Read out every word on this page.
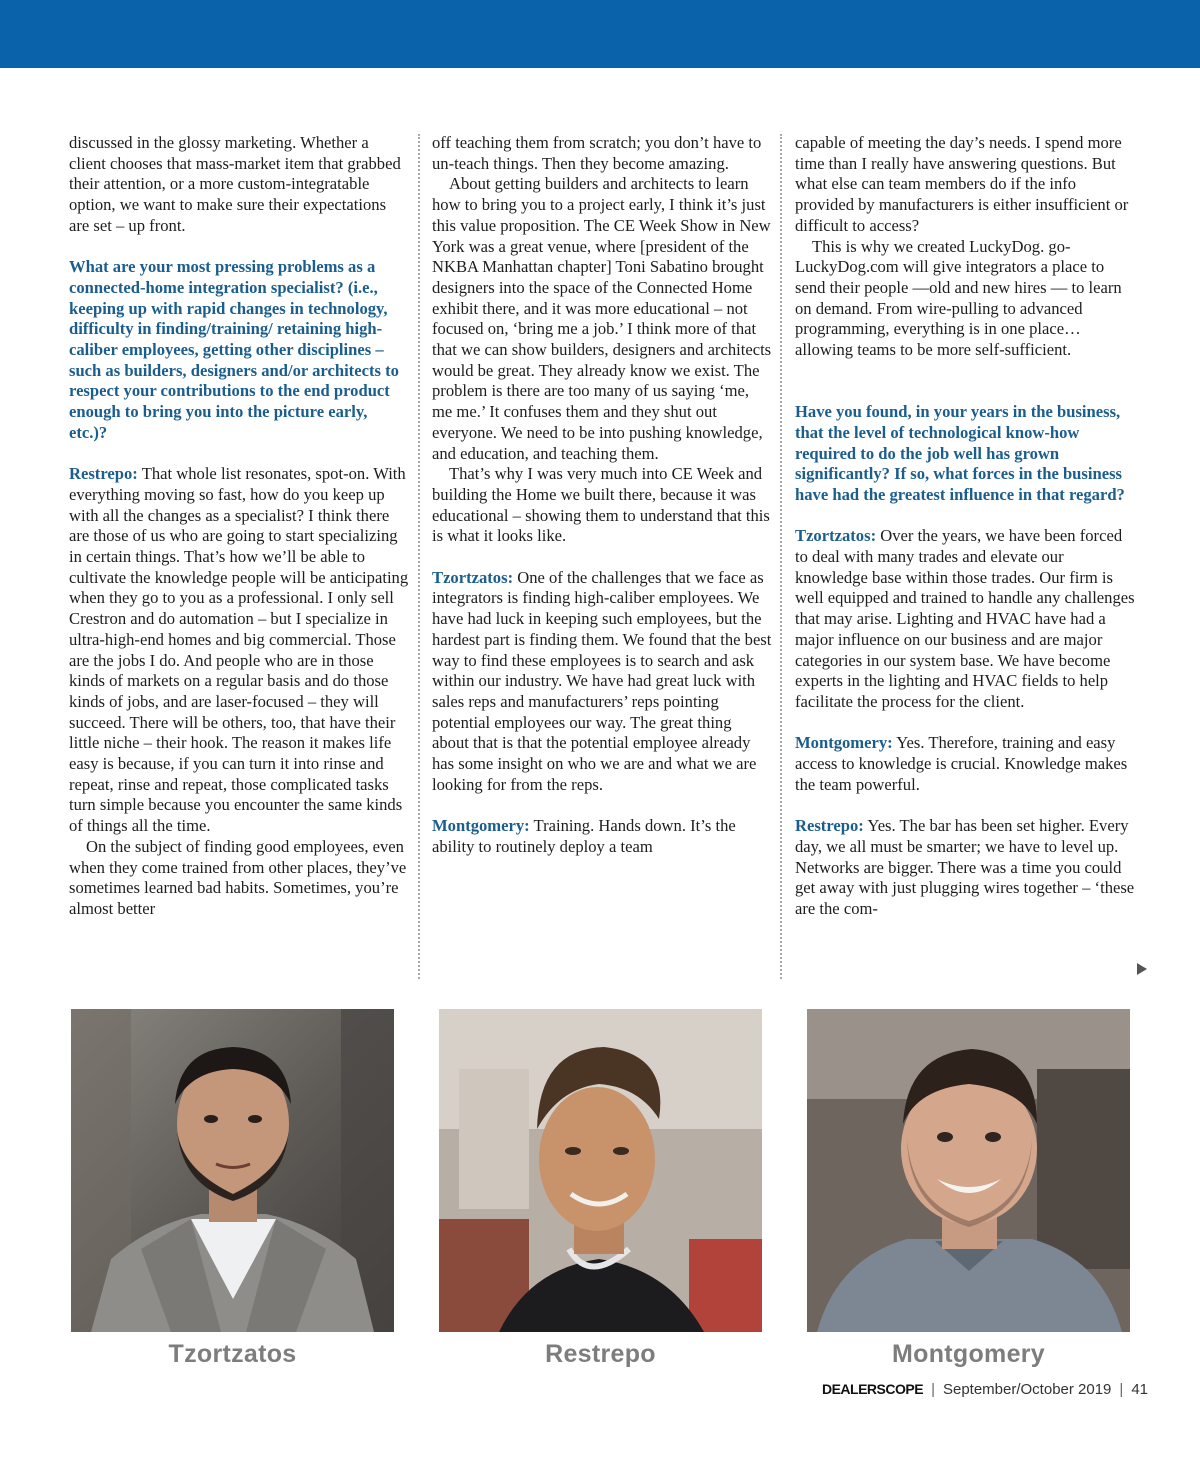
discussed in the glossy marketing. Whether a client chooses that mass-market item that grabbed their attention, or a more custom-integratable option, we want to make sure their expectations are set – up front.

What are your most pressing problems as a connected-home integration specialist? (i.e., keeping up with rapid changes in technology, difficulty in finding/training/ retaining high-caliber employees, getting other disciplines – such as builders, designers and/or architects to respect your contributions to the end product enough to bring you into the picture early, etc.)?

Restrepo: That whole list resonates, spot-on. With everything moving so fast, how do you keep up with all the changes as a specialist? I think there are those of us who are going to start specializing in certain things. That’s how we’ll be able to cultivate the knowledge people will be anticipating when they go to you as a professional. I only sell Crestron and do automation – but I specialize in ultra-high-end homes and big commercial. Those are the jobs I do. And people who are in those kinds of markets on a regular basis and do those kinds of jobs, and are laser-focused – they will succeed. There will be others, too, that have their little niche – their hook. The reason it makes life easy is because, if you can turn it into rinse and repeat, rinse and repeat, those complicated tasks turn simple because you encounter the same kinds of things all the time.

On the subject of finding good employees, even when they come trained from other places, they’ve sometimes learned bad habits. Sometimes, you’re almost better

off teaching them from scratch; you don’t have to un-teach things. Then they become amazing.

About getting builders and architects to learn how to bring you to a project early, I think it’s just this value proposition. The CE Week Show in New York was a great venue, where [president of the NKBA Manhattan chapter] Toni Sabatino brought designers into the space of the Connected Home exhibit there, and it was more educational – not focused on, ‘bring me a job.’ I think more of that that we can show builders, designers and architects would be great. They already know we exist. The problem is there are too many of us saying ‘me, me me.’ It confuses them and they shut out everyone. We need to be into pushing knowledge, and education, and teaching them.

That’s why I was very much into CE Week and building the Home we built there, because it was educational – showing them to understand that this is what it looks like.

Tzortzatos: One of the challenges that we face as integrators is finding high-caliber employees. We have had luck in keeping such employees, but the hardest part is finding them. We found that the best way to find these employees is to search and ask within our industry. We have had great luck with sales reps and manufacturers’ reps pointing potential employees our way. The great thing about that is that the potential employee already has some insight on who we are and what we are looking for from the reps.

Montgomery: Training. Hands down. It’s the ability to routinely deploy a team

capable of meeting the day’s needs. I spend more time than I really have answering questions. But what else can team members do if the info provided by manufacturers is either insufficient or difficult to access?

This is why we created LuckyDog. go-LuckyDog.com will give integrators a place to send their people —old and new hires — to learn on demand. From wire-pulling to advanced programming, everything is in one place… allowing teams to be more self-sufficient.

Have you found, in your years in the business, that the level of technological know-how required to do the job well has grown significantly? If so, what forces in the business have had the greatest influence in that regard?

Tzortzatos: Over the years, we have been forced to deal with many trades and elevate our knowledge base within those trades. Our firm is well equipped and trained to handle any challenges that may arise. Lighting and HVAC have had a major influence on our business and are major categories in our system base. We have become experts in the lighting and HVAC fields to help facilitate the process for the client.

Montgomery: Yes. Therefore, training and easy access to knowledge is crucial. Knowledge makes the team powerful.

Restrepo: Yes. The bar has been set higher. Every day, we all must be smarter; we have to level up. Networks are bigger. There was a time you could get away with just plugging wires together – ‘these are the com-

Tzortzatos	Restrepo	Montgomery
DEALERSCOPE | September/October 2019 | 41
